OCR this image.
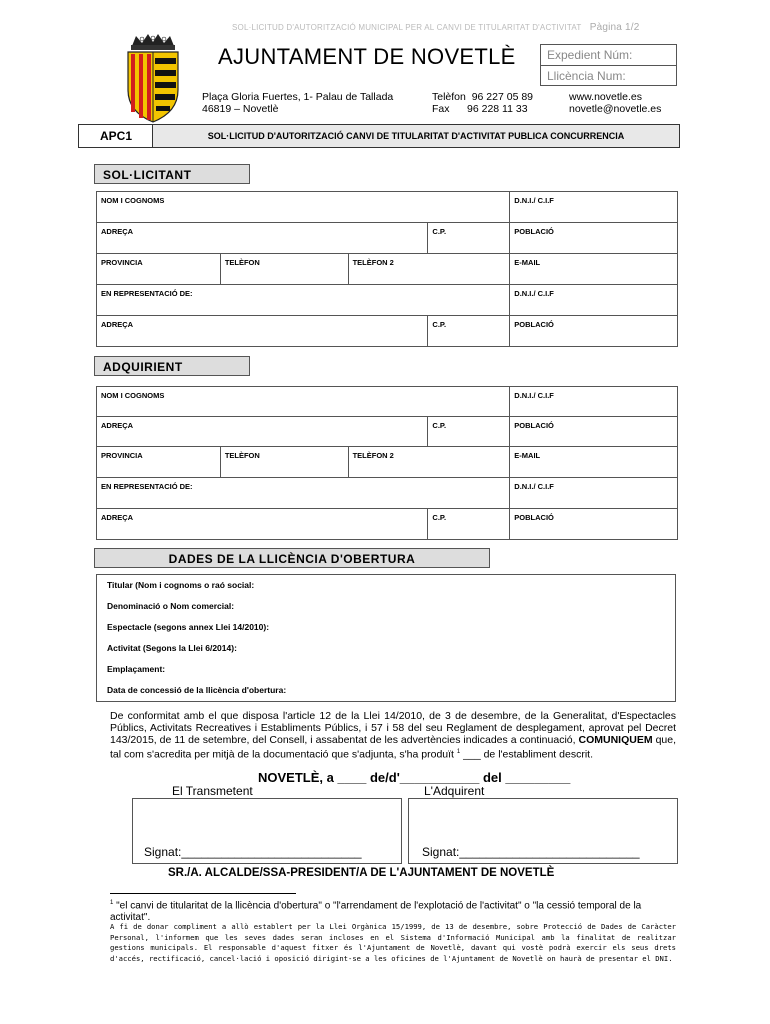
SOL·LICITUD D'AUTORITZACIÓ MUNICIPAL PER AL CANVI DE TITULARITAT D'ACTIVITAT Pàgina 1/2
AJUNTAMENT DE NOVETLÈ	Expedient Núm:
Llicència Num:
Plaça Gloria Fuertes, 1- Palau de Tallada
46819 – Novetlè
Telèfon  96 227 05 89
Fax      96 228 11 33
www.novetle.es
novetle@novetle.es
APC1	SOL·LICITUD D'AUTORITZACIÓ CANVI DE TITULARITAT D'ACTIVITAT PUBLICA CONCURRENCIA
SOL·LICITANT
NOM I COGNOMS				D.N.I./ C.I.F
ADREÇA			C.P.	POBLACIÓ
PROVINCIA	TELÈFON	TELÈFON 2		E-MAIL
EN REPRESENTACIÓ DE:				D.N.I./ C.I.F
ADREÇA			C.P.	POBLACIÓ
ADQUIRIENT
NOM I COGNOMS				D.N.I./ C.I.F
ADREÇA			C.P.	POBLACIÓ
PROVINCIA	TELÈFON	TELÈFON 2		E-MAIL
EN REPRESENTACIÓ DE:				D.N.I./ C.I.F
ADREÇA			C.P.	POBLACIÓ
DADES DE LA LLICÈNCIA D'OBERTURA
Titular (Nom i cognoms o raó social:
Denominació o Nom comercial:
Espectacle (segons annex Llei 14/2010):
Activitat (Segons la Llei 6/2014):
Emplaçament:
Data de concessió de la llicència d'obertura:
De conformitat amb el que disposa l'article 12 de la Llei 14/2010, de 3 de desembre, de la Generalitat, d'Espectacles Públics, Activitats Recreatives i Establiments Públics, i 57 i 58 del seu Reglament de desplegament, aprovat pel Decret 143/2015, de 11 de setembre, del Consell, i assabentat de les advertències indicades a continuació, COMUNIQUEM que, tal com s'acredita per mitjà de la documentació que s'adjunta, s'ha produït $^1$ ___ de l'establiment descrit.
NOVETLÈ, a ____ de/d'___________ del _________
El Transmetent	L'Adquirent
Signat:___________________________	Signat:___________________________
SR./A. ALCALDE/SSA-PRESIDENT/A DE L'AJUNTAMENT DE NOVETLÈ
$^1$ "el canvi de titularitat de la llicència d'obertura" o "l'arrendament de l'explotació de l'activitat" o "la cessió temporal de la activitat".
A fi de donar compliment a allò establert per la Llei Orgànica 15/1999, de 13 de desembre, sobre Protecció de Dades de Caràcter Personal, l'informem que les seves dades seran incloses en el Sistema d'Informació Municipal amb la finalitat de realitzar gestions municipals. El responsable d'aquest fitxer és l'Ajuntament de Novetlè, davant qui vostè podrà exercir els seus drets d'accés, rectificació, cancel·lació i oposició dirigint-se a les oficines de l'Ajuntament de Novetlè on haurà de presentar el DNI.
